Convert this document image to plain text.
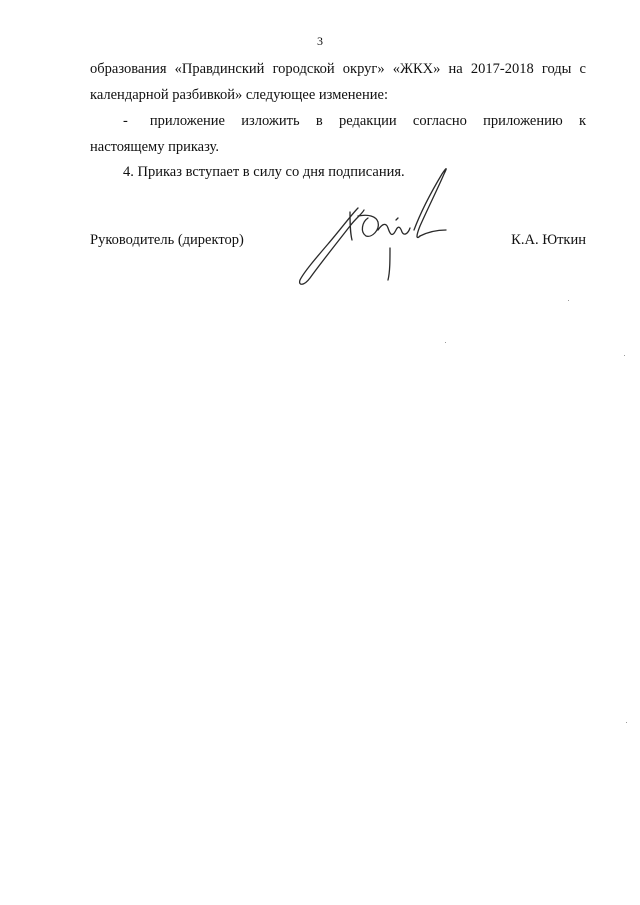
3
образования «Правдинский городской округ» «ЖКХ» на 2017-2018 годы с
календарной разбивкой» следующее изменение:
- приложение изложить в редакции согласно приложению к
настоящему приказу.
4. Приказ вступает в силу со дня подписания.
Руководитель (директор)	К.А. Юткин
